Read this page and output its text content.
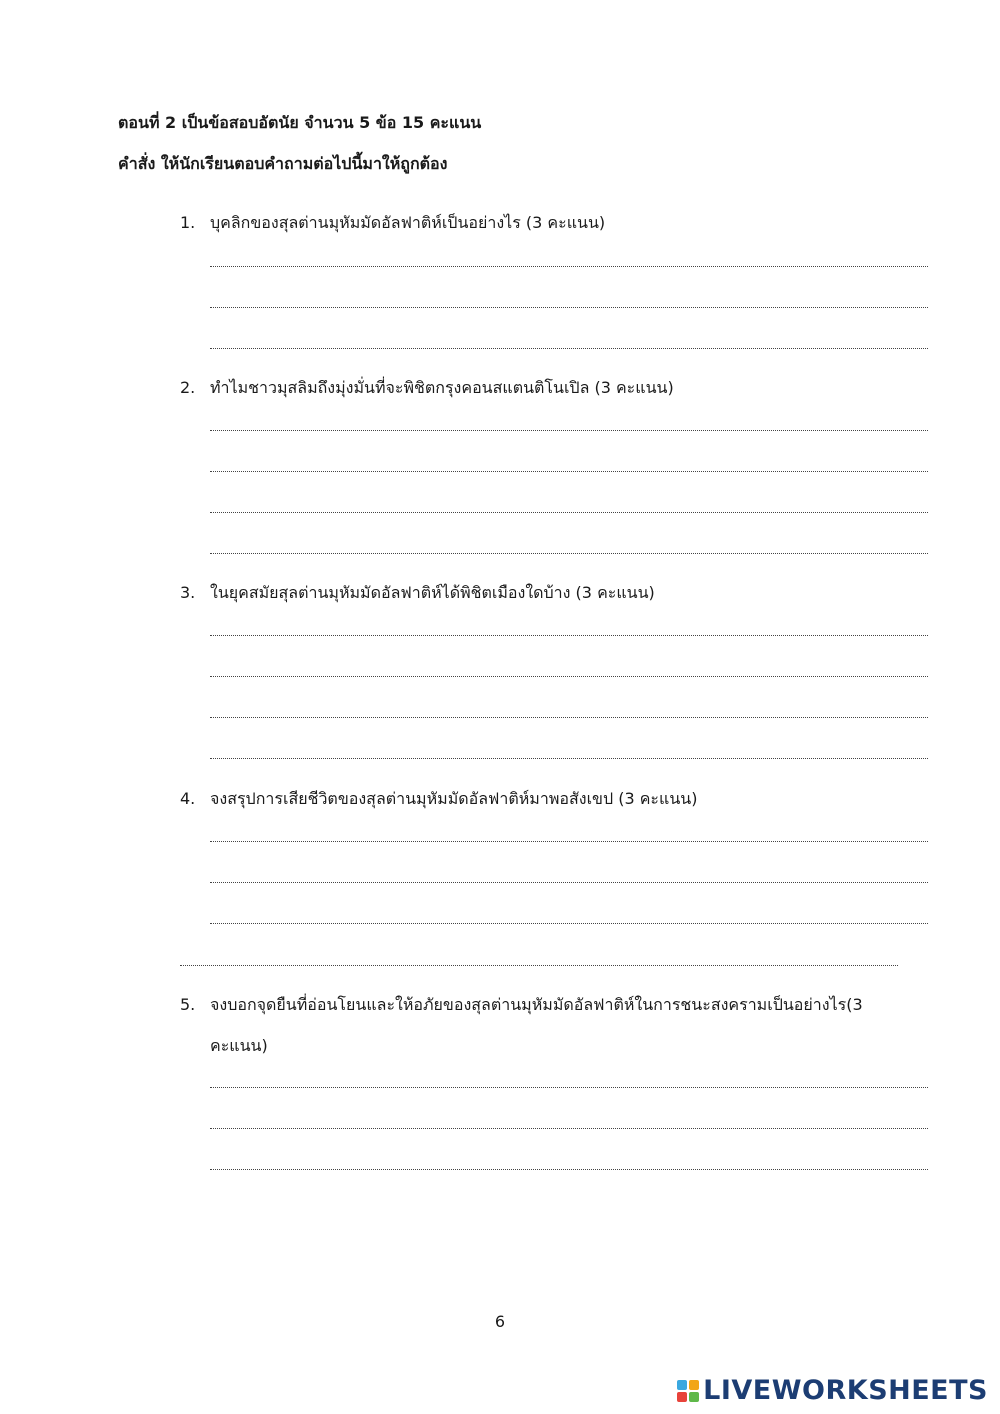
ตอนที่ 2 เป็นข้อสอบอัตนัย จำนวน 5 ข้อ 15 คะแนน
คำสั่ง ให้นักเรียนตอบคำถามต่อไปนี้มาให้ถูกต้อง
1. บุคลิกของสุลต่านมุหัมมัดอัลฟาติห์เป็นอย่างไร (3 คะแนน)
2. ทำไมชาวมุสลิมถึงมุ่งมั่นที่จะพิชิตกรุงคอนสแตนติโนเปิล (3 คะแนน)
3. ในยุคสมัยสุลต่านมุหัมมัดอัลฟาติห์ได้พิชิตเมืองใดบ้าง (3 คะแนน)
4. จงสรุปการเสียชีวิตของสุลต่านมุหัมมัดอัลฟาติห์มาพอสังเขป (3 คะแนน)
5. จงบอกจุดยืนที่อ่อนโยนและให้อภัยของสุลต่านมุหัมมัดอัลฟาติห์ในการชนะสงครามเป็นอย่างไร(3
คะแนน)
6
LIVEWORKSHEETS
